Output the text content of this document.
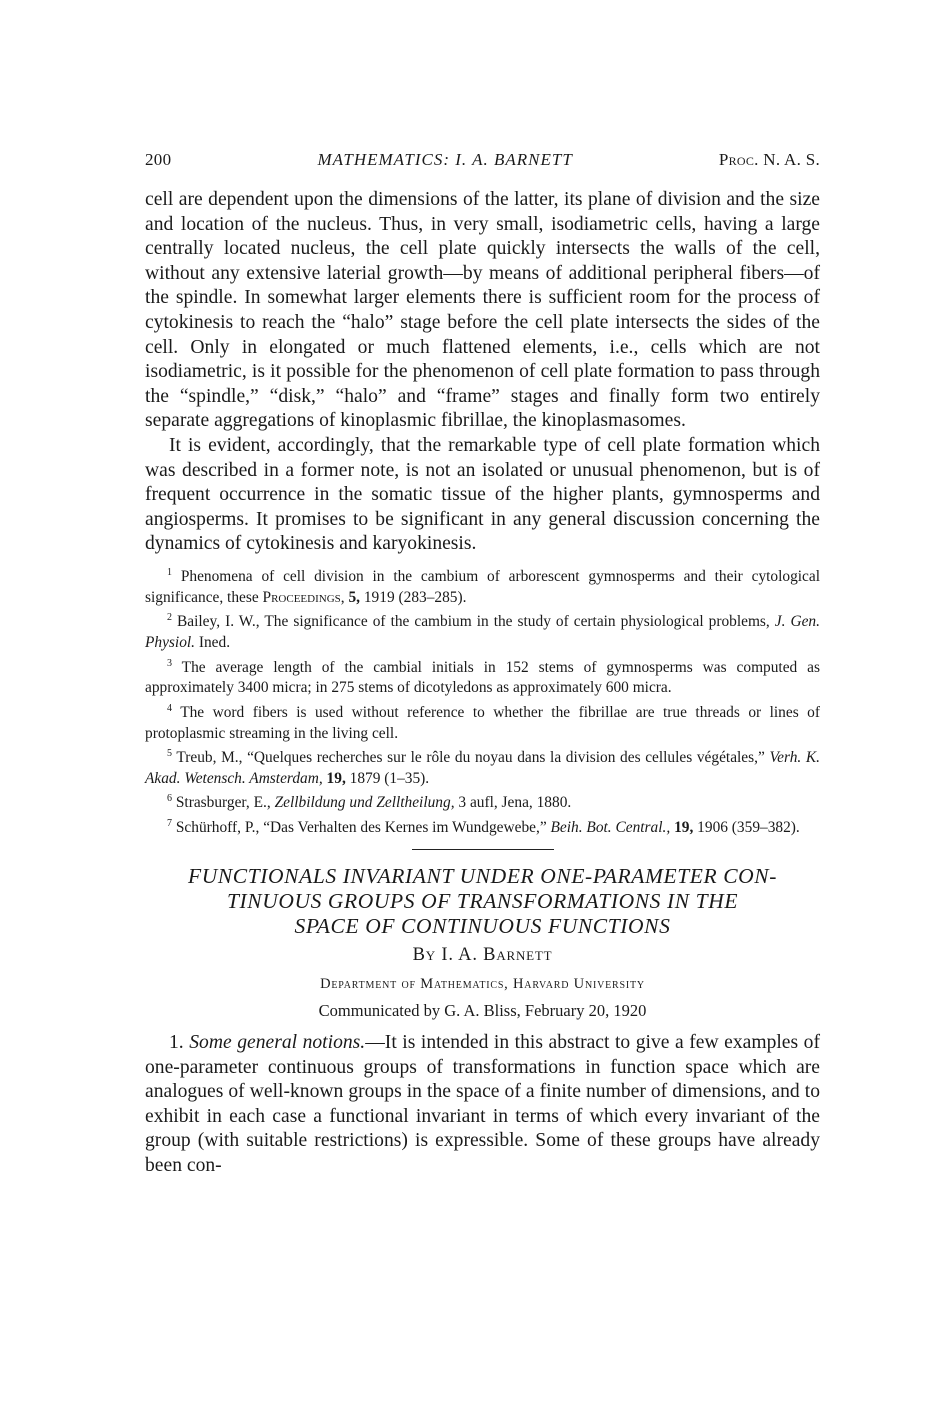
200	MATHEMATICS: I. A. BARNETT	Proc. N. A. S.

cell are dependent upon the dimensions of the latter, its plane of division and the size and location of the nucleus. Thus, in very small, isodiametric cells, having a large centrally located nucleus, the cell plate quickly intersects the walls of the cell, without any extensive laterial growth—by means of additional peripheral fibers—of the spindle. In somewhat larger elements there is sufficient room for the process of cytokinesis to reach the “halo” stage before the cell plate intersects the sides of the cell. Only in elongated or much flattened elements, i.e., cells which are not isodiametric, is it possible for the phenomenon of cell plate formation to pass through the “spindle,” “disk,” “halo” and “frame” stages and finally form two entirely separate aggregations of kinoplasmic fibrillae, the kinoplasmasomes.

It is evident, accordingly, that the remarkable type of cell plate formation which was described in a former note, is not an isolated or unusual phenomenon, but is of frequent occurrence in the somatic tissue of the higher plants, gymnosperms and angiosperms. It promises to be significant in any general discussion concerning the dynamics of cytokinesis and karyokinesis.

$^1$ Phenomena of cell division in the cambium of arborescent gymnosperms and their cytological significance, these Proceedings, 5, 1919 (283–285).

$^2$ Bailey, I. W., The significance of the cambium in the study of certain physiological problems, J. Gen. Physiol. Ined.

$^3$ The average length of the cambial initials in 152 stems of gymnosperms was computed as approximately 3400 micra; in 275 stems of dicotyledons as approximately 600 micra.

$^4$ The word fibers is used without reference to whether the fibrillae are true threads or lines of protoplasmic streaming in the living cell.

$^5$ Treub, M., “Quelques recherches sur le rôle du noyau dans la division des cellules végétales,” Verh. K. Akad. Wetensch. Amsterdam, 19, 1879 (1–35).

$^6$ Strasburger, E., Zellbildung und Zelltheilung, 3 aufl, Jena, 1880.

$^7$ Schürhoff, P., “Das Verhalten des Kernes im Wundgewebe,” Beih. Bot. Central., 19, 1906 (359–382).

FUNCTIONALS INVARIANT UNDER ONE-PARAMETER CON-
TINUOUS GROUPS OF TRANSFORMATIONS IN THE
SPACE OF CONTINUOUS FUNCTIONS
By I. A. Barnett
Department of Mathematics, Harvard University
Communicated by G. A. Bliss, February 20, 1920

1. Some general notions.—It is intended in this abstract to give a few examples of one-parameter continuous groups of transformations in function space which are analogues of well-known groups in the space of a finite number of dimensions, and to exhibit in each case a functional invariant in terms of which every invariant of the group (with suitable restrictions) is expressible. Some of these groups have already been con-
